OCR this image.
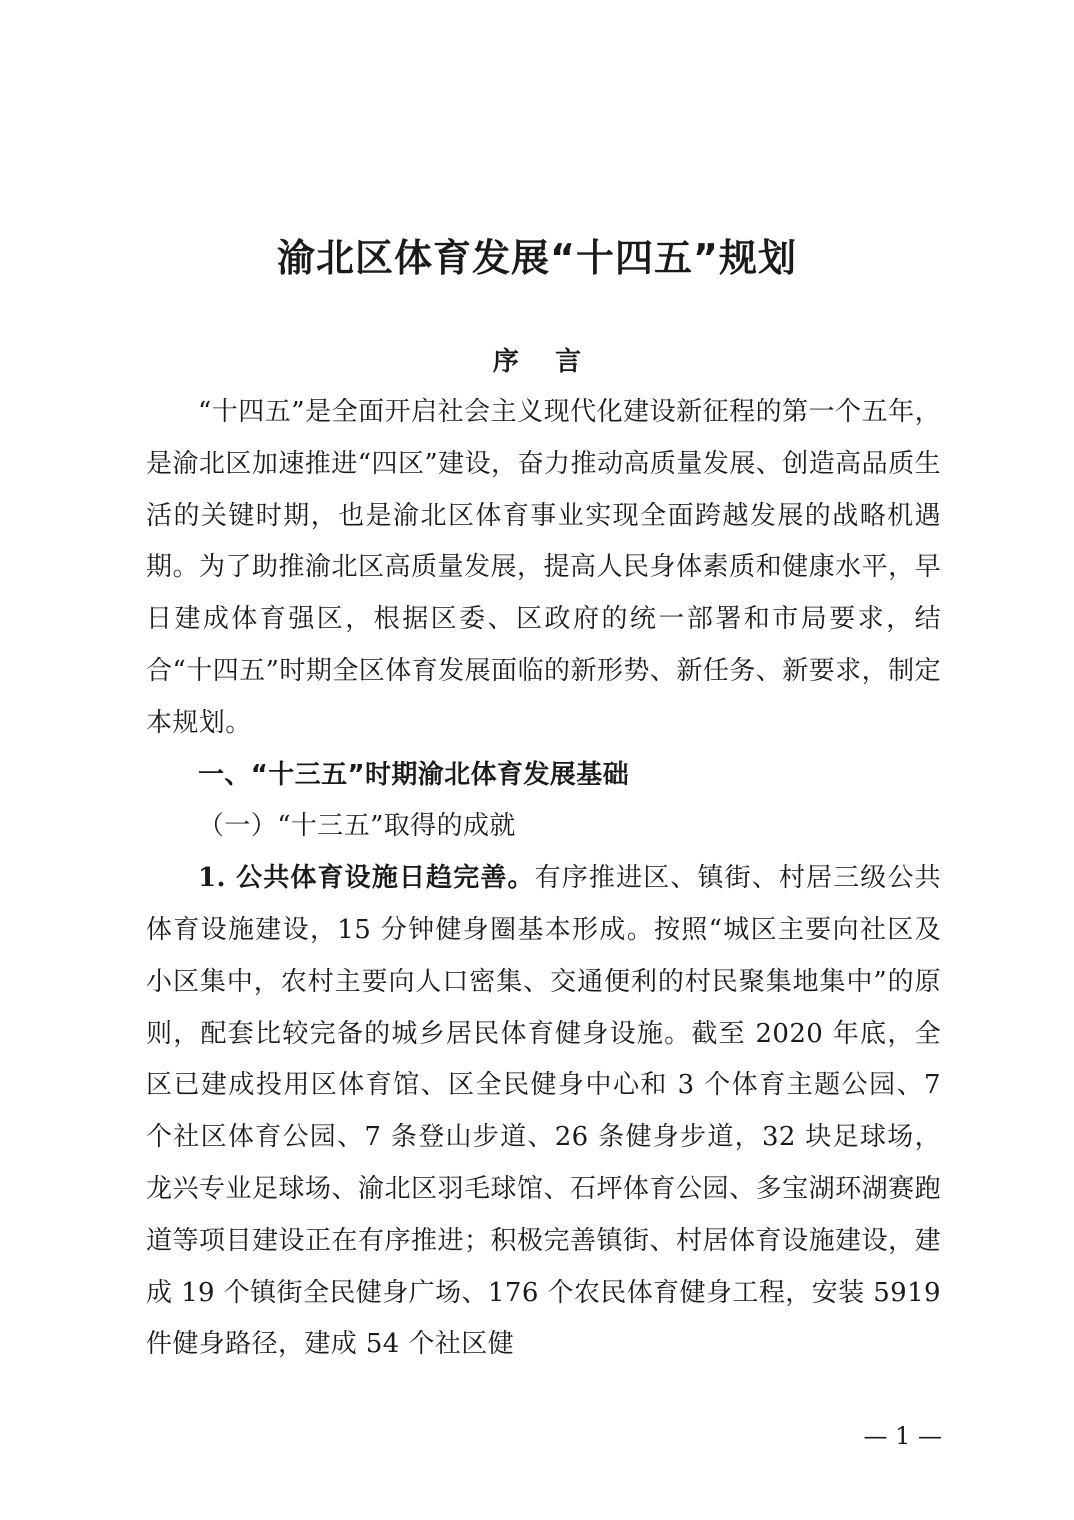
渝北区体育发展“十四五”规划
序    言

“十四五”是全面开启社会主义现代化建设新征程的第一个五年，是渝北区加速推进“四区”建设，奋力推动高质量发展、创造高品质生活的关键时期，也是渝北区体育事业实现全面跨越发展的战略机遇期。为了助推渝北区高质量发展，提高人民身体素质和健康水平，早日建成体育强区，根据区委、区政府的统一部署和市局要求，结合“十四五”时期全区体育发展面临的新形势、新任务、新要求，制定本规划。

一、“十三五”时期渝北体育发展基础
（一）“十三五”取得的成就

1. 公共体育设施日趋完善。有序推进区、镇街、村居三级公共体育设施建设，15 分钟健身圈基本形成。按照“城区主要向社区及小区集中，农村主要向人口密集、交通便利的村民聚集地集中”的原则，配套比较完备的城乡居民体育健身设施。截至 2020 年底，全区已建成投用区体育馆、区全民健身中心和 3 个体育主题公园、7 个社区体育公园、7 条登山步道、26 条健身步道，32 块足球场，龙兴专业足球场、渝北区羽毛球馆、石坪体育公园、多宝湖环湖赛跑道等项目建设正在有序推进；积极完善镇街、村居体育设施建设，建成 19 个镇街全民健身广场、176 个农民体育健身工程，安装 5919 件健身路径，建成 54 个社区健

— 1 —
